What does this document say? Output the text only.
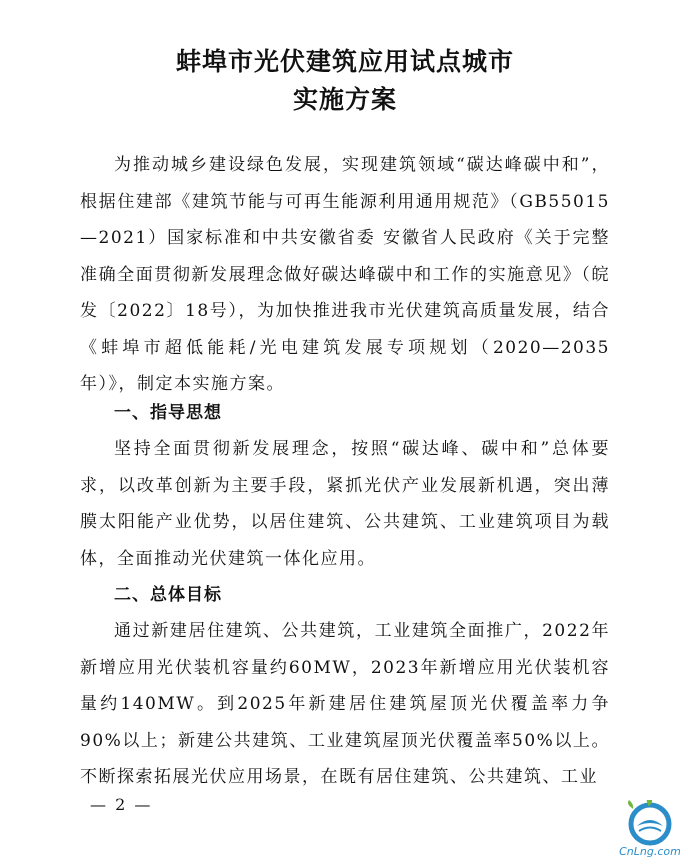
蚌埠市光伏建筑应用试点城市
实施方案
为推动城乡建设绿色发展，实现建筑领域“碳达峰碳中和”，根据住建部《建筑节能与可再生能源利用通用规范》（GB55015—2021）国家标准和中共安徽省委 安徽省人民政府《关于完整准确全面贯彻新发展理念做好碳达峰碳中和工作的实施意见》（皖发〔2022〕18号），为加快推进我市光伏建筑高质量发展，结合《蚌埠市超低能耗/光电建筑发展专项规划（2020—2035年）》，制定本实施方案。
一、指导思想
坚持全面贯彻新发展理念，按照“碳达峰、碳中和”总体要求，以改革创新为主要手段，紧抓光伏产业发展新机遇，突出薄膜太阳能产业优势，以居住建筑、公共建筑、工业建筑项目为载体，全面推动光伏建筑一体化应用。
二、总体目标
通过新建居住建筑、公共建筑，工业建筑全面推广，2022年新增应用光伏装机容量约60MW，2023年新增应用光伏装机容量约140MW。到2025年新建居住建筑屋顶光伏覆盖率力争90%以上；新建公共建筑、工业建筑屋顶光伏覆盖率50%以上。不断探索拓展光伏应用场景，在既有居住建筑、公共建筑、工业
— 2 —
CnLng.com
